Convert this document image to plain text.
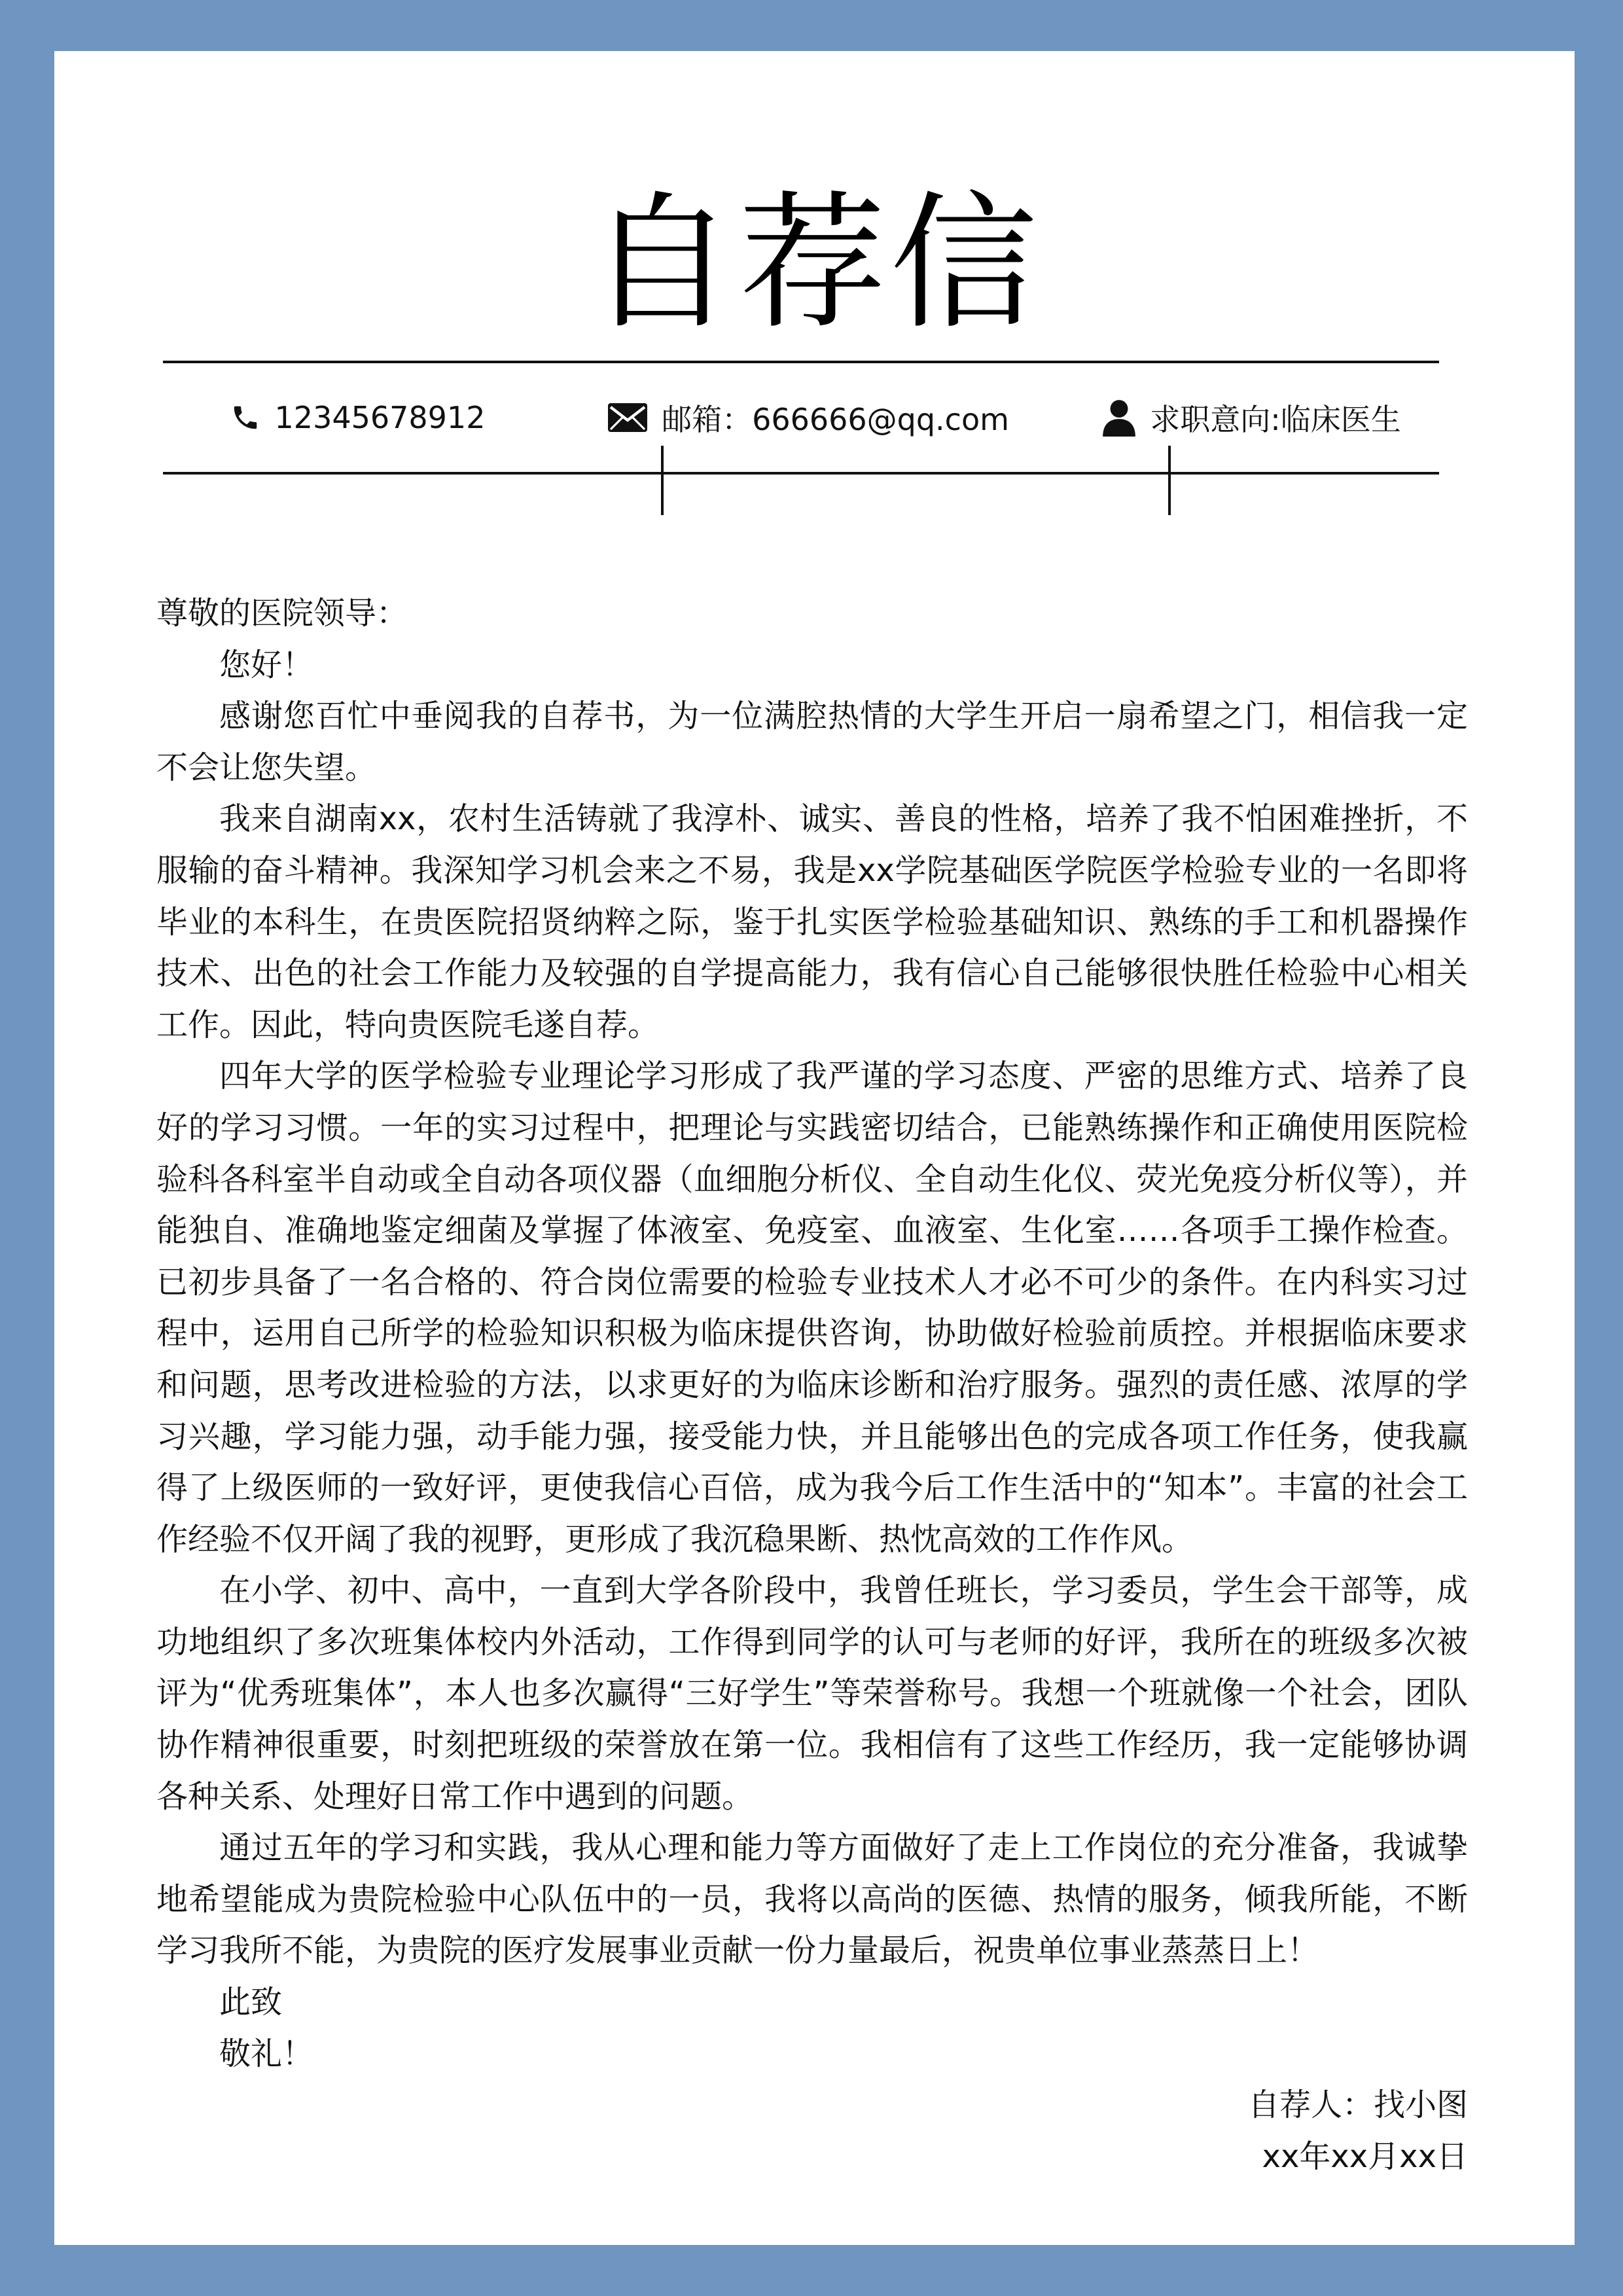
自荐信
12345678912	邮箱：666666@qq.com	求职意向:临床医生

尊敬的医院领导：

您好！

感谢您百忙中垂阅我的自荐书，为一位满腔热情的大学生开启一扇希望之门，相信我一定不会让您失望。

我来自湖南xx，农村生活铸就了我淳朴、诚实、善良的性格，培养了我不怕困难挫折，不服输的奋斗精神。我深知学习机会来之不易，我是xx学院基础医学院医学检验专业的一名即将毕业的本科生，在贵医院招贤纳粹之际，鉴于扎实医学检验基础知识、熟练的手工和机器操作技术、出色的社会工作能力及较强的自学提高能力，我有信心自己能够很快胜任检验中心相关工作。因此，特向贵医院毛遂自荐。

四年大学的医学检验专业理论学习形成了我严谨的学习态度、严密的思维方式、培养了良好的学习习惯。一年的实习过程中，把理论与实践密切结合，已能熟练操作和正确使用医院检验科各科室半自动或全自动各项仪器（血细胞分析仪、全自动生化仪、荧光免疫分析仪等），并能独自、准确地鉴定细菌及掌握了体液室、免疫室、血液室、生化室……各项手工操作检查。已初步具备了一名合格的、符合岗位需要的检验专业技术人才必不可少的条件。在内科实习过程中，运用自己所学的检验知识积极为临床提供咨询，协助做好检验前质控。并根据临床要求和问题，思考改进检验的方法，以求更好的为临床诊断和治疗服务。强烈的责任感、浓厚的学习兴趣，学习能力强，动手能力强，接受能力快，并且能够出色的完成各项工作任务，使我赢得了上级医师的一致好评，更使我信心百倍，成为我今后工作生活中的“知本”。丰富的社会工作经验不仅开阔了我的视野，更形成了我沉稳果断、热忱高效的工作作风。

在小学、初中、高中，一直到大学各阶段中，我曾任班长，学习委员，学生会干部等，成功地组织了多次班集体校内外活动，工作得到同学的认可与老师的好评，我所在的班级多次被评为“优秀班集体”，本人也多次赢得“三好学生”等荣誉称号。我想一个班就像一个社会，团队协作精神很重要，时刻把班级的荣誉放在第一位。我相信有了这些工作经历，我一定能够协调各种关系、处理好日常工作中遇到的问题。

通过五年的学习和实践，我从心理和能力等方面做好了走上工作岗位的充分准备，我诚挚地希望能成为贵院检验中心队伍中的一员，我将以高尚的医德、热情的服务，倾我所能，不断学习我所不能，为贵院的医疗发展事业贡献一份力量最后，祝贵单位事业蒸蒸日上！

此致

敬礼！

自荐人：找小图

xx年xx月xx日
